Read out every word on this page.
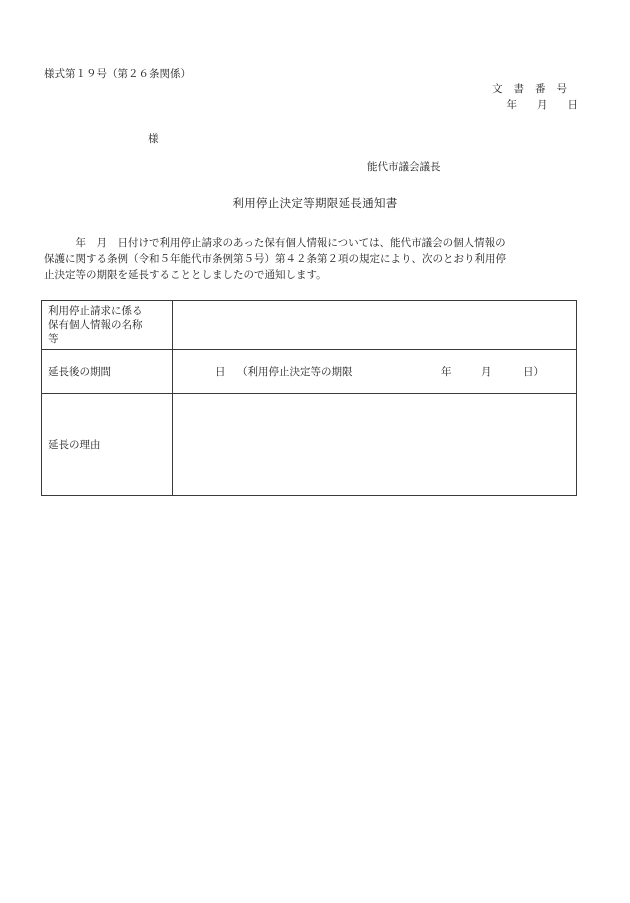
様式第１９号（第２６条関係）
文書番号
年 月 日
様
能代市議会議長
利用停止決定等期限延長通知書
　　　年　月　日付けで利用停止請求のあった保有個人情報については、能代市議会の個人情報の
保護に関する条例（令和５年能代市条例第５号）第４２条第２項の規定により、次のとおり利用停
止決定等の期限を延長することとしましたので通知します。
利用停止請求に係る
保有個人情報の名称
等	

延長後の期間	日 （利用停止決定等の期限 年 月 日）

延長の理由	
